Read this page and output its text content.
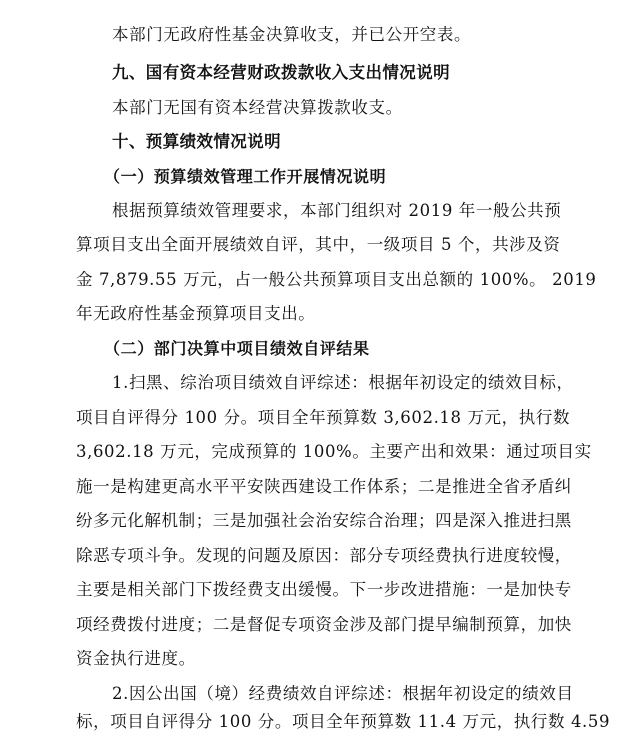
本部门无政府性基金决算收支，并已公开空表。
九、国有资本经营财政拨款收入支出情况说明
本部门无国有资本经营决算拨款收支。
十、预算绩效情况说明
（一）预算绩效管理工作开展情况说明
根据预算绩效管理要求，本部门组织对 2019 年一般公共预
算项目支出全面开展绩效自评，其中，一级项目 5 个，共涉及资
金 7,879.55 万元，占一般公共预算项目支出总额的 100%。 2019
年无政府性基金预算项目支出。
（二）部门决算中项目绩效自评结果
1.扫黑、综治项目绩效自评综述：根据年初设定的绩效目标，
项目自评得分 100 分。项目全年预算数 3,602.18 万元，执行数
3,602.18 万元，完成预算的 100%。主要产出和效果：通过项目实
施一是构建更高水平平安陕西建设工作体系；二是推进全省矛盾纠
纷多元化解机制；三是加强社会治安综合治理；四是深入推进扫黑
除恶专项斗争。发现的问题及原因：部分专项经费执行进度较慢，
主要是相关部门下拨经费支出缓慢。下一步改进措施：一是加快专
项经费拨付进度；二是督促专项资金涉及部门提早编制预算，加快
资金执行进度。
2.因公出国（境）经费绩效自评综述：根据年初设定的绩效目
标，项目自评得分 100 分。项目全年预算数 11.4 万元，执行数 4.59
